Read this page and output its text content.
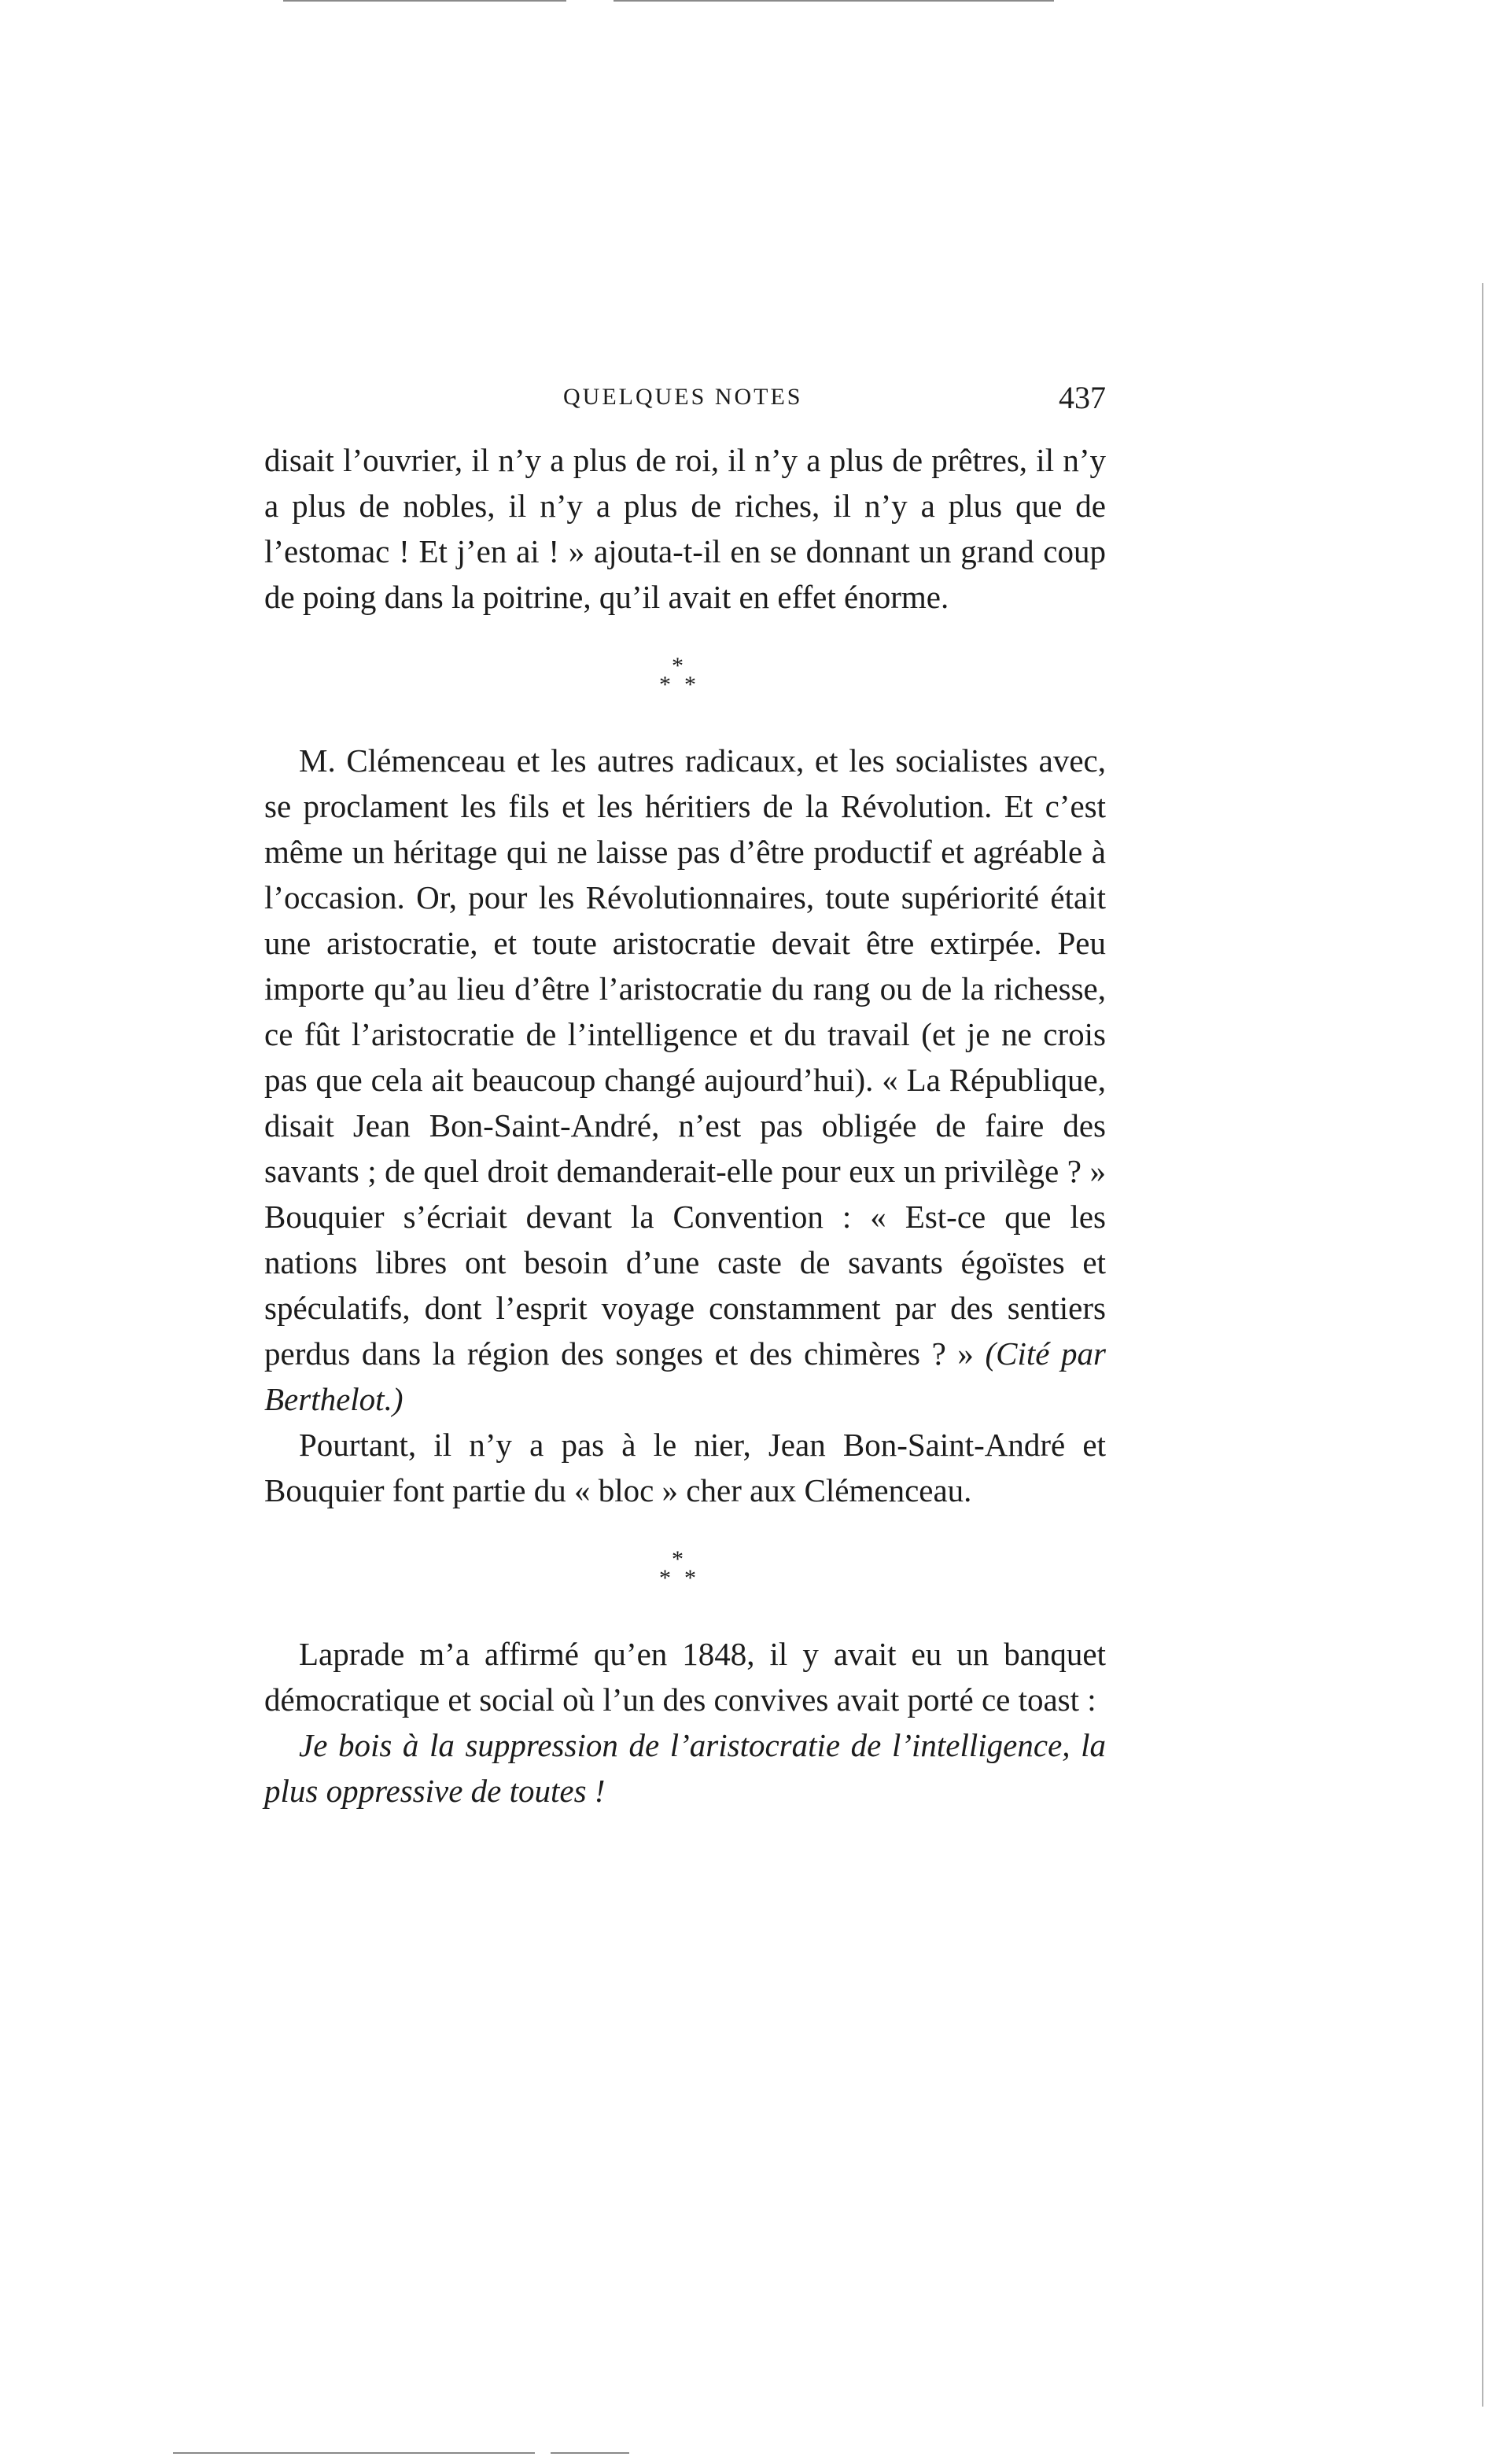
QUELQUES NOTES	437

disait l’ouvrier, il n’y a plus de roi, il n’y a plus de prêtres, il n’y a plus de nobles, il n’y a plus de riches, il n’y a plus que de l’estomac ! Et j’en ai ! » ajouta-t-il en se donnant un grand coup de poing dans la poitrine, qu’il avait en effet énorme.

*
* *

M. Clémenceau et les autres radicaux, et les socialistes avec, se proclament les fils et les héritiers de la Révolution. Et c’est même un héritage qui ne laisse pas d’être productif et agréable à l’occasion. Or, pour les Révolutionnaires, toute supériorité était une aristocratie, et toute aristocratie devait être extirpée. Peu importe qu’au lieu d’être l’aristocratie du rang ou de la richesse, ce fût l’aristocratie de l’intelligence et du travail (et je ne crois pas que cela ait beaucoup changé aujourd’hui). « La République, disait Jean Bon-Saint-André, n’est pas obligée de faire des savants ; de quel droit demanderait-elle pour eux un privilège ? » Bouquier s’écriait devant la Convention : « Est-ce que les nations libres ont besoin d’une caste de savants égoïstes et spéculatifs, dont l’esprit voyage constamment par des sentiers perdus dans la région des songes et des chimères ? » (Cité par Berthelot.)

Pourtant, il n’y a pas à le nier, Jean Bon-Saint-André et Bouquier font partie du « bloc » cher aux Clémenceau.

*
* *

Laprade m’a affirmé qu’en 1848, il y avait eu un banquet démocratique et social où l’un des convives avait porté ce toast :

Je bois à la suppression de l’aristocratie de l’intelligence, la plus oppressive de toutes !
